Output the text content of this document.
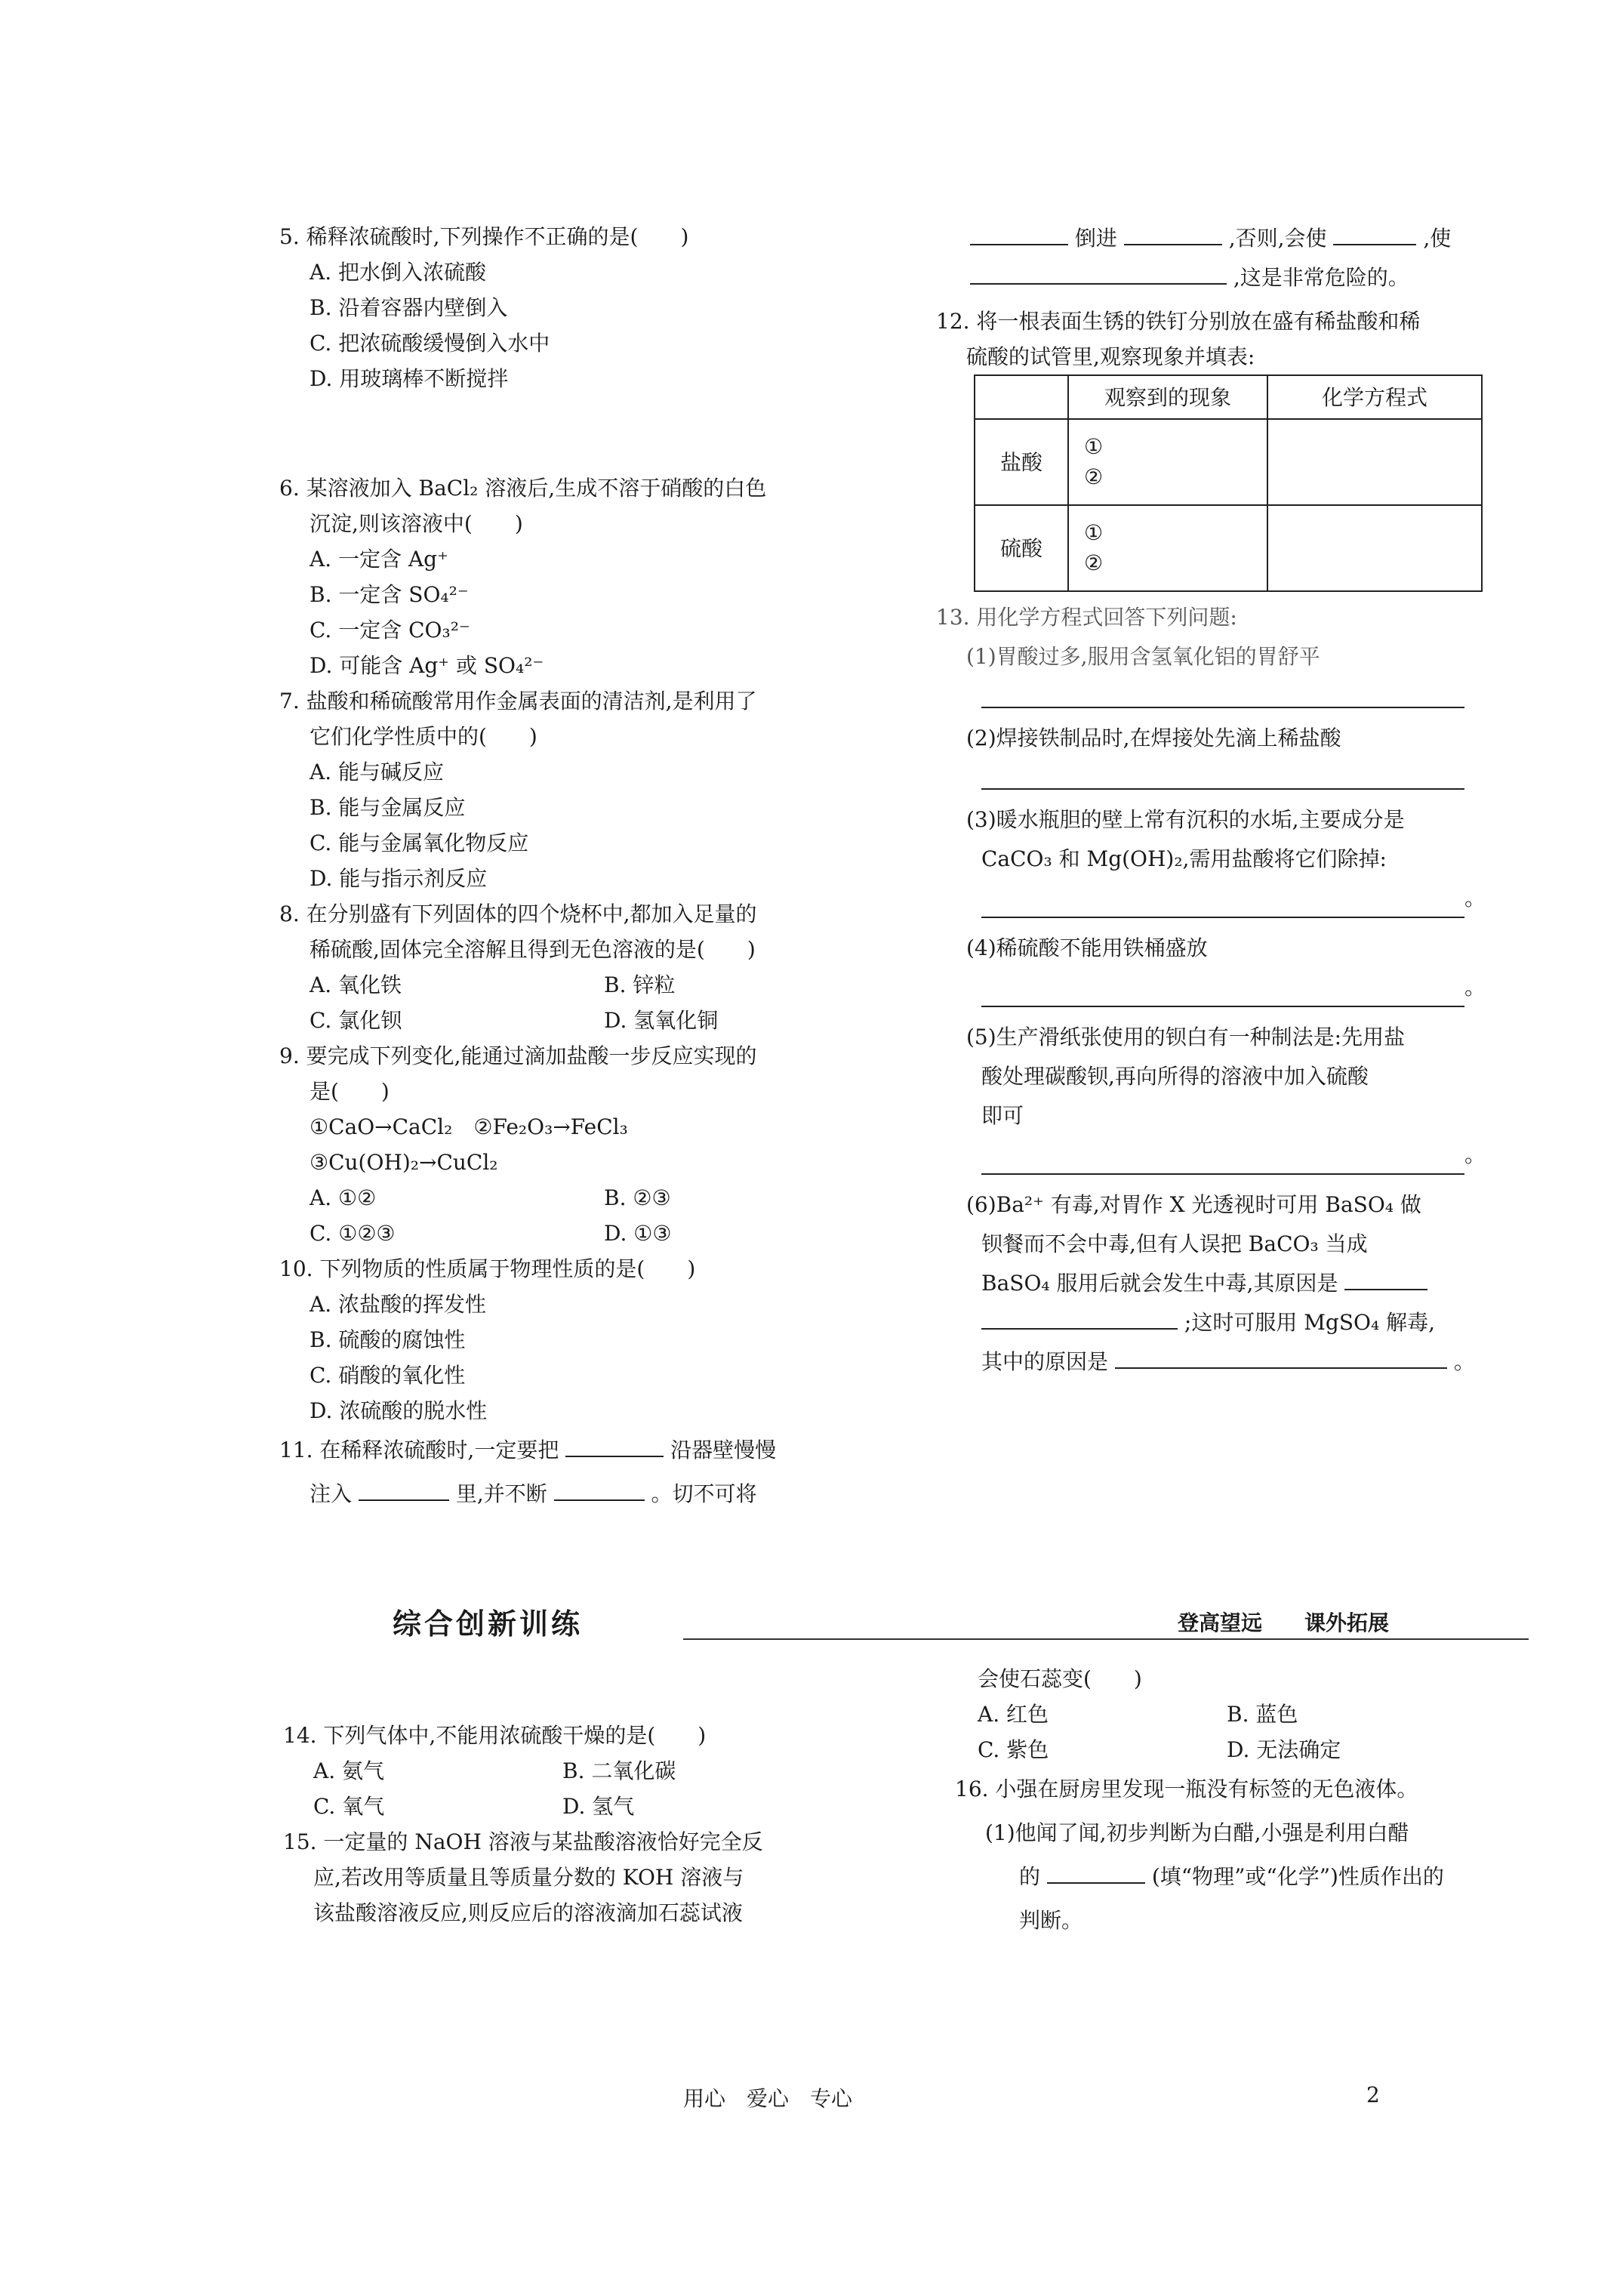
5. 稀释浓硫酸时,下列操作不正确的是(　　)
A. 把水倒入浓硫酸
B. 沿着容器内壁倒入
C. 把浓硫酸缓慢倒入水中
D. 用玻璃棒不断搅拌
6. 某溶液加入 BaCl₂ 溶液后,生成不溶于硝酸的白色
沉淀,则该溶液中(　　)
A. 一定含 Ag⁺
B. 一定含 SO₄²⁻
C. 一定含 CO₃²⁻
D. 可能含 Ag⁺ 或 SO₄²⁻
7. 盐酸和稀硫酸常用作金属表面的清洁剂,是利用了
它们化学性质中的(　　)
A. 能与碱反应
B. 能与金属反应
C. 能与金属氧化物反应
D. 能与指示剂反应
8. 在分别盛有下列固体的四个烧杯中,都加入足量的
稀硫酸,固体完全溶解且得到无色溶液的是(　　)
A. 氧化铁	B. 锌粒
C. 氯化钡	D. 氢氧化铜
9. 要完成下列变化,能通过滴加盐酸一步反应实现的
是(　　)
①CaO→CaCl₂　②Fe₂O₃→FeCl₃
③Cu(OH)₂→CuCl₂
A. ①②	B. ②③
C. ①②③	D. ①③
10. 下列物质的性质属于物理性质的是(　　)
A. 浓盐酸的挥发性
B. 硫酸的腐蚀性
C. 硝酸的氧化性
D. 浓硫酸的脱水性
11. 在稀释浓硫酸时,一定要把	沿器壁慢慢
注入	里,并不断	。切不可将
倒进	,否则,会使	,使
,这是非常危险的。
12. 将一根表面生锈的铁钉分别放在盛有稀盐酸和稀
硫酸的试管里,观察现象并填表:
	观察到的现象	化学方程式
盐酸	①
②	

硫酸	①
②	

13. 用化学方程式回答下列问题:
(1)胃酸过多,服用含氢氧化铝的胃舒平
(2)焊接铁制品时,在焊接处先滴上稀盐酸
(3)暖水瓶胆的壁上常有沉积的水垢,主要成分是
CaCO₃ 和 Mg(OH)₂,需用盐酸将它们除掉:
。
(4)稀硫酸不能用铁桶盛放
。
(5)生产滑纸张使用的钡白有一种制法是:先用盐
酸处理碳酸钡,再向所得的溶液中加入硫酸
即可
。
(6)Ba²⁺ 有毒,对胃作 X 光透视时可用 BaSO₄ 做
钡餐而不会中毒,但有人误把 BaCO₃ 当成
BaSO₄ 服用后就会发生中毒,其原因是
;这时可服用 MgSO₄ 解毒,
其中的原因是	。
综合创新训练	登高望远　　课外拓展
14. 下列气体中,不能用浓硫酸干燥的是(　　)
A. 氨气	B. 二氧化碳
C. 氧气	D. 氢气
15. 一定量的 NaOH 溶液与某盐酸溶液恰好完全反
应,若改用等质量且等质量分数的 KOH 溶液与
该盐酸溶液反应,则反应后的溶液滴加石蕊试液
会使石蕊变(　　)
A. 红色	B. 蓝色
C. 紫色	D. 无法确定
16. 小强在厨房里发现一瓶没有标签的无色液体。
(1)他闻了闻,初步判断为白醋,小强是利用白醋
的	(填“物理”或“化学”)性质作出的
判断。
用心　爱心　专心	2
